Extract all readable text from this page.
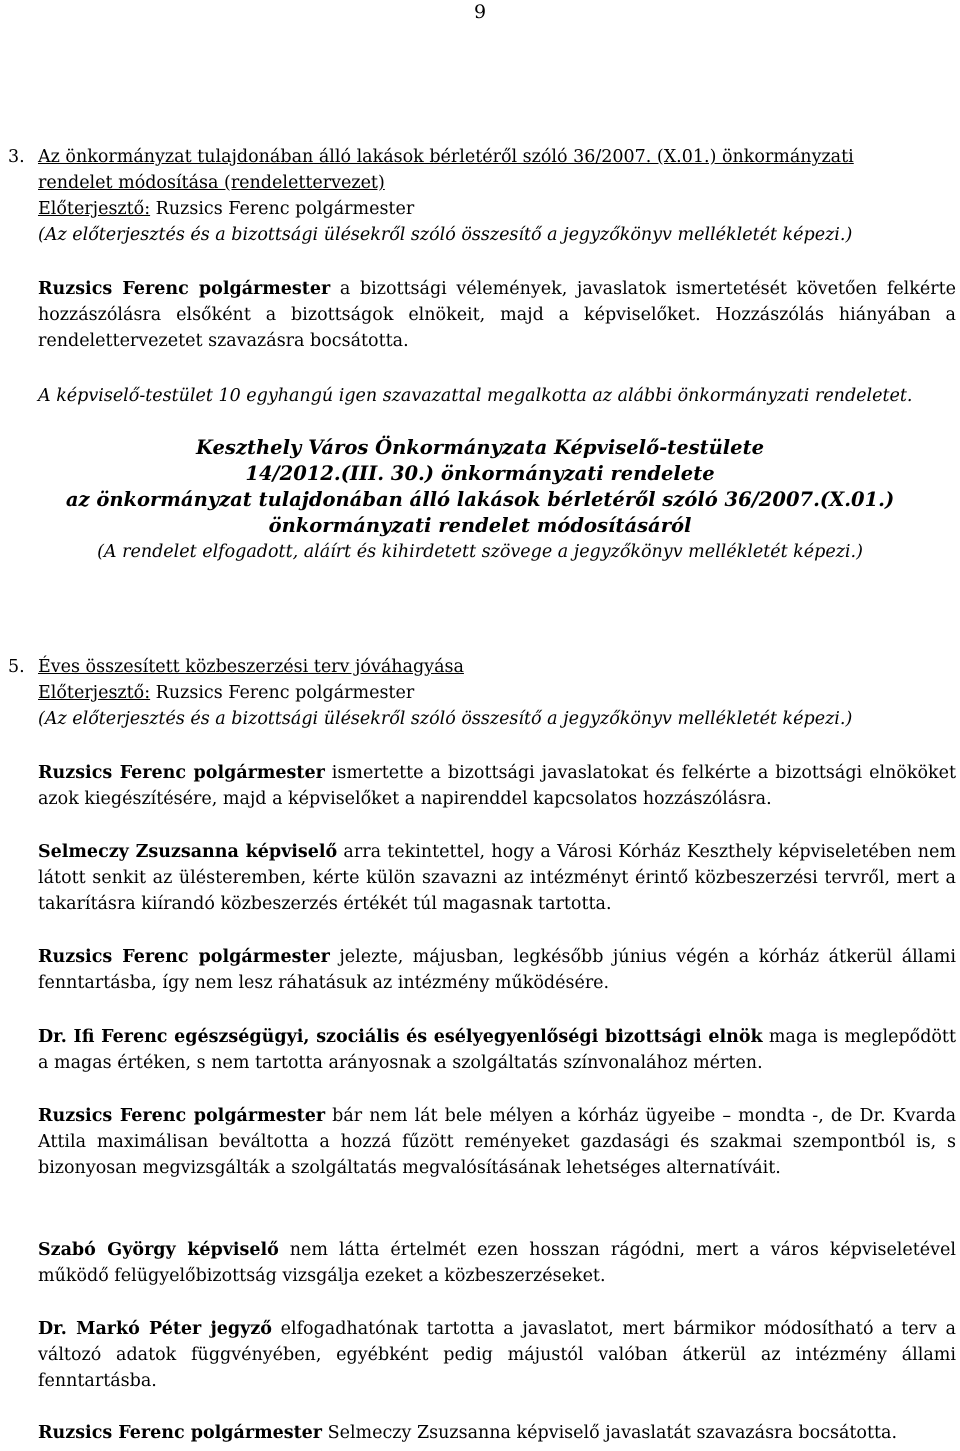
9
3. Az önkormányzat tulajdonában álló lakások bérletéről szóló 36/2007. (X.01.) önkormányzati
rendelet módosítása (rendelettervezet)
Előterjesztő: Ruzsics Ferenc polgármester
(Az előterjesztés és a bizottsági ülésekről szóló összesítő a jegyzőkönyv mellékletét képezi.)

Ruzsics Ferenc polgármester a bizottsági vélemények, javaslatok ismertetését követően felkérte hozzászólásra elsőként a bizottságok elnökeit, majd a képviselőket. Hozzászólás hiányában a rendelettervezetet szavazásra bocsátotta.

A képviselő-testület 10 egyhangú igen szavazattal megalkotta az alábbi önkormányzati rendeletet.

Keszthely Város Önkormányzata Képviselő-testülete
14/2012.(III. 30.) önkormányzati rendelete
az önkormányzat tulajdonában álló lakások bérletéről szóló 36/2007.(X.01.)
önkormányzati rendelet módosításáról
(A rendelet elfogadott, aláírt és kihirdetett szövege a jegyzőkönyv mellékletét képezi.)
5. Éves összesített közbeszerzési terv jóváhagyása
Előterjesztő: Ruzsics Ferenc polgármester
(Az előterjesztés és a bizottsági ülésekről szóló összesítő a jegyzőkönyv mellékletét képezi.)

Ruzsics Ferenc polgármester ismertette a bizottsági javaslatokat és felkérte a bizottsági elnököket azok kiegészítésére, majd a képviselőket a napirenddel kapcsolatos hozzászólásra.

Selmeczy Zsuzsanna képviselő arra tekintettel, hogy a Városi Kórház Keszthely képviseletében nem látott senkit az ülésteremben, kérte külön szavazni az intézményt érintő közbeszerzési tervről, mert a takarításra kiírandó közbeszerzés értékét túl magasnak tartotta.

Ruzsics Ferenc polgármester jelezte, májusban, legkésőbb június végén a kórház átkerül állami fenntartásba, így nem lesz ráhatásuk az intézmény működésére.

Dr. Ifi Ferenc egészségügyi, szociális és esélyegyenlőségi bizottsági elnök maga is meglepődött a magas értéken, s nem tartotta arányosnak a szolgáltatás színvonalához mérten.

Ruzsics Ferenc polgármester bár nem lát bele mélyen a kórház ügyeibe – mondta -, de Dr. Kvarda Attila maximálisan beváltotta a hozzá fűzött reményeket gazdasági és szakmai szempontból is, s bizonyosan megvizsgálták a szolgáltatás megvalósításának lehetséges alternatíváit.

Szabó György képviselő nem látta értelmét ezen hosszan rágódni, mert a város képviseletével működő felügyelőbizottság vizsgálja ezeket a közbeszerzéseket.

Dr. Markó Péter jegyző elfogadhatónak tartotta a javaslatot, mert bármikor módosítható a terv a változó adatok függvényében, egyébként pedig májustól valóban átkerül az intézmény állami fenntartásba.

Ruzsics Ferenc polgármester Selmeczy Zsuzsanna képviselő javaslatát szavazásra bocsátotta.
